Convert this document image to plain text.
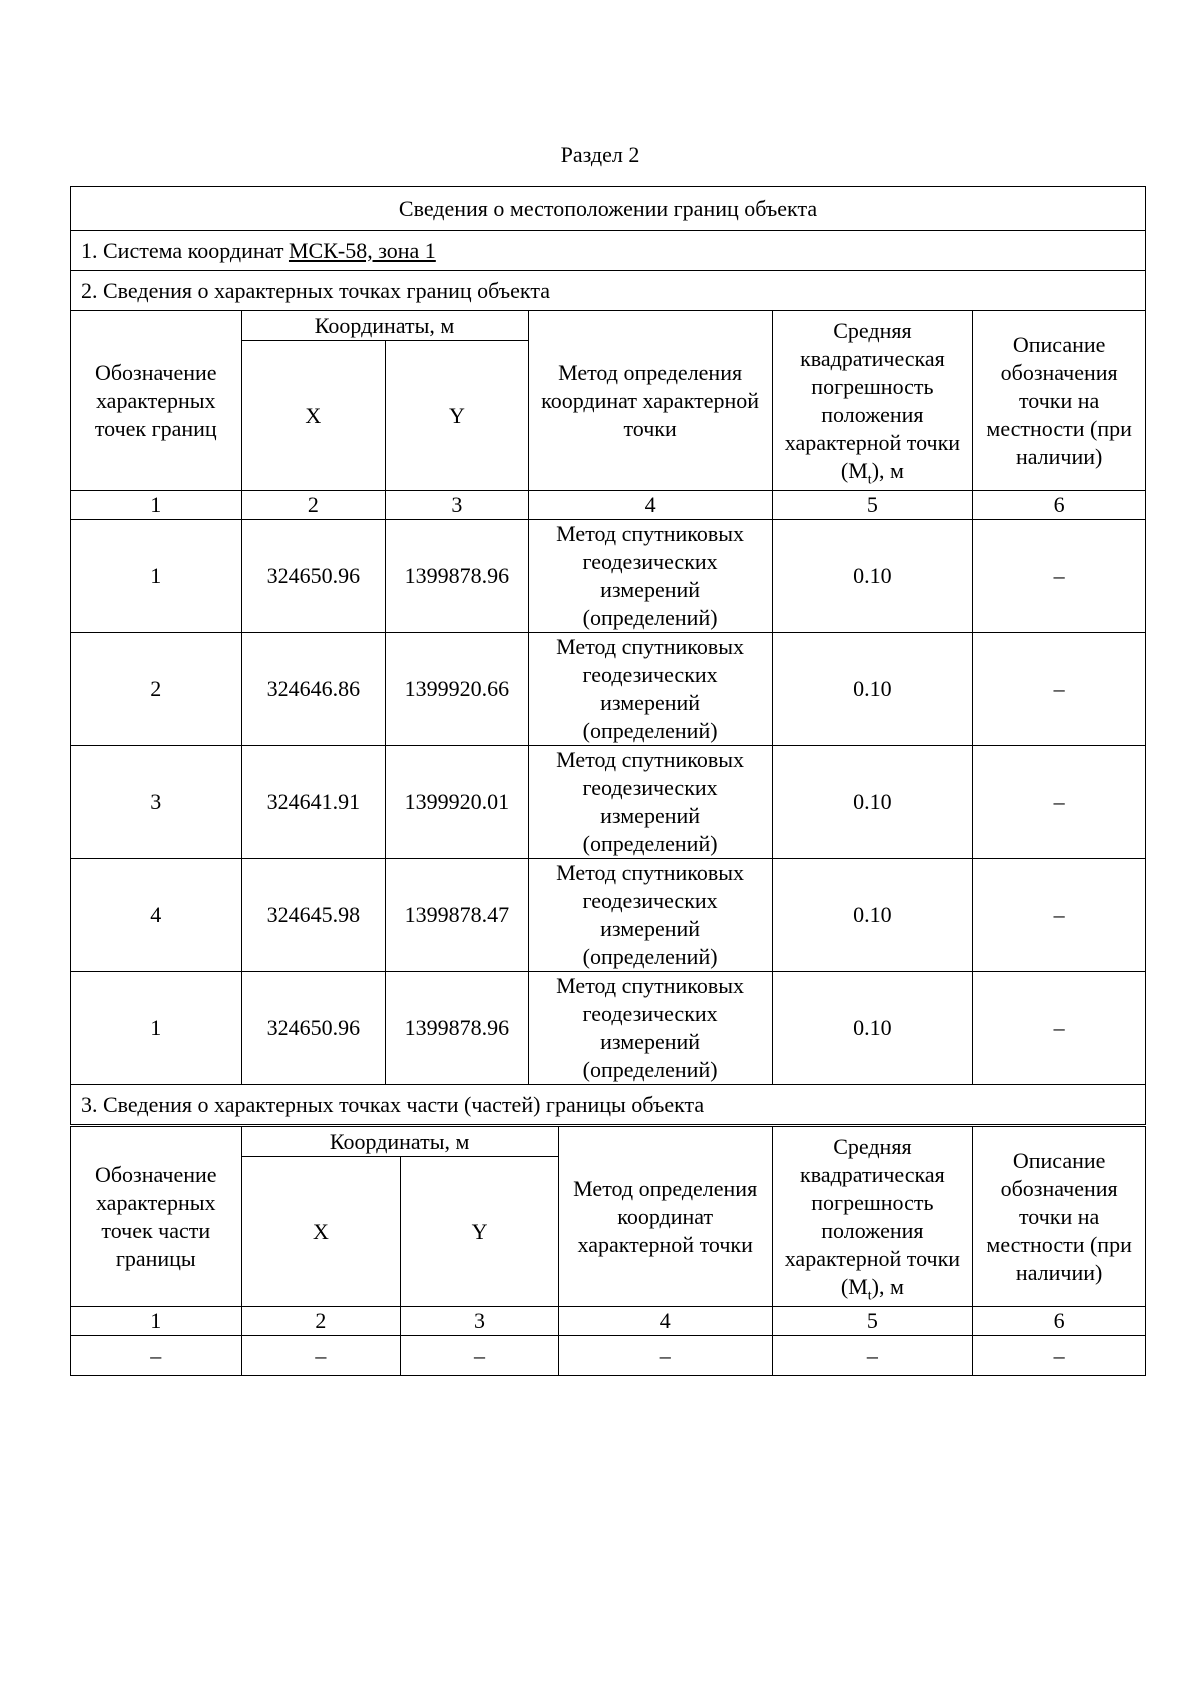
Раздел 2
Сведения о местоположении границ объекта					
1. Система координат МСК-58, зона 1					
2. Сведения о характерных точках границ объекта					
Обозначение характерных точек границ	Координаты, м		Метод определения координат характерной точки	Средняя квадратическая погрешность положения характерной точки $(M_t)$, м	Описание обозначения точки на местности (при наличии)
	X	Y			
1	2	3	4	5	6
1	324650.96	1399878.96	Метод спутниковых геодезических измерений (определений)	0.10	–
2	324646.86	1399920.66	Метод спутниковых геодезических измерений (определений)	0.10	–
3	324641.91	1399920.01	Метод спутниковых геодезических измерений (определений)	0.10	–
4	324645.98	1399878.47	Метод спутниковых геодезических измерений (определений)	0.10	–
1	324650.96	1399878.96	Метод спутниковых геодезических измерений (определений)	0.10	–
3. Сведения о характерных точках части (частей) границы объекта					
Обозначение характерных точек части границы	Координаты, м		Метод определения координат характерной точки	Средняя квадратическая погрешность положения характерной точки $(M_t)$, м	Описание обозначения точки на местности (при наличии)
	X	Y			
1	2	3	4	5	6
–	–	–	–	–	–
